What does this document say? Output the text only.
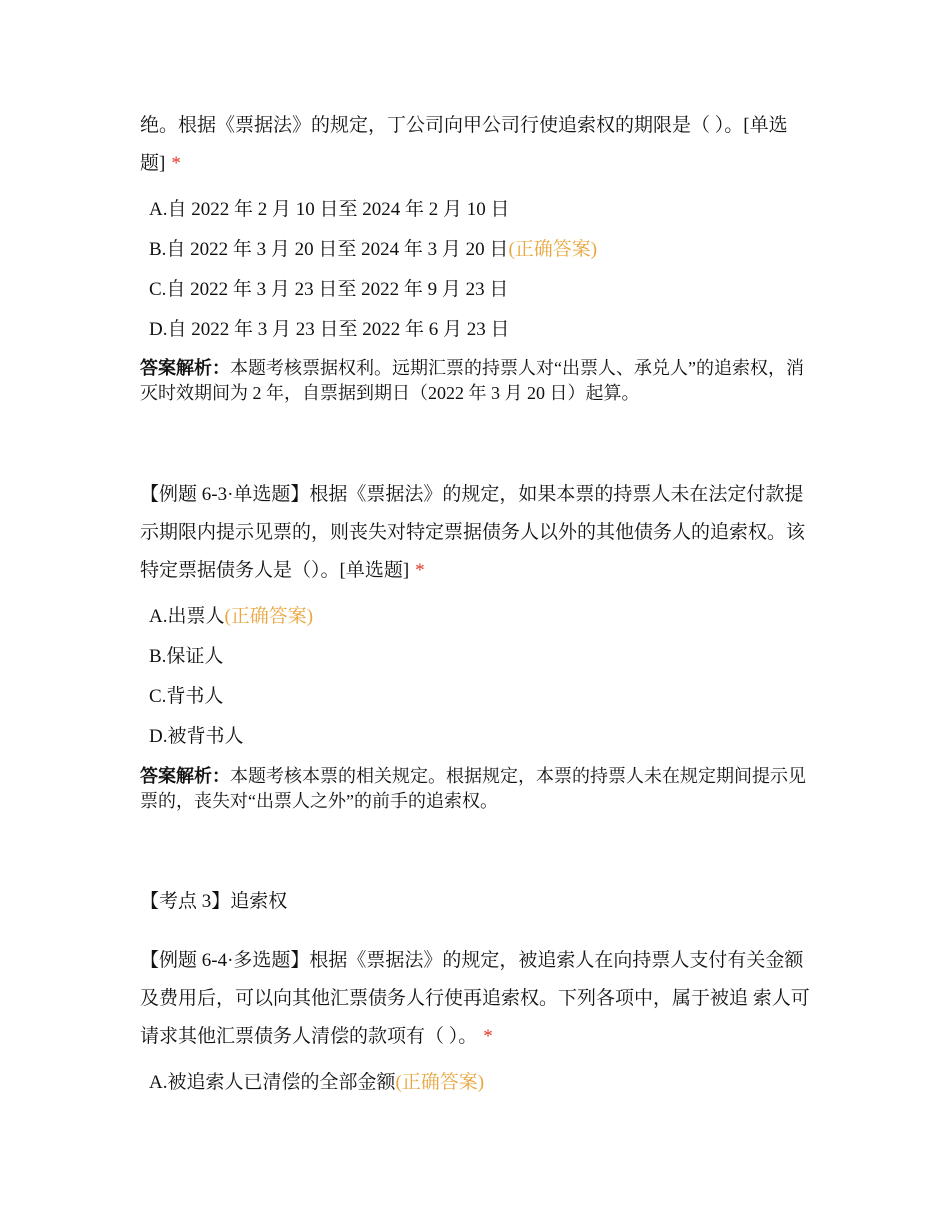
绝。根据《票据法》的规定，丁公司向甲公司行使追索权的期限是（ ）。[单选题] *
A.自 2022 年 2 月 10 日至 2024 年 2 月 10 日
B.自 2022 年 3 月 20 日至 2024 年 3 月 20 日(正确答案)
C.自 2022 年 3 月 23 日至 2022 年 9 月 23 日
D.自 2022 年 3 月 23 日至 2022 年 6 月 23 日
答案解析：本题考核票据权利。远期汇票的持票人对“出票人、承兑人”的追索权，消灭时效期间为 2 年，自票据到期日（2022 年 3 月 20 日）起算。
【例题 6-3·单选题】根据《票据法》的规定，如果本票的持票人未在法定付款提示期限内提示见票的，则丧失对特定票据债务人以外的其他债务人的追索权。该特定票据债务人是（）。[单选题] *
A.出票人(正确答案)
B.保证人
C.背书人
D.被背书人
答案解析：本题考核本票的相关规定。根据规定，本票的持票人未在规定期间提示见票的，丧失对“出票人之外”的前手的追索权。
【考点 3】追索权
【例题 6-4·多选题】根据《票据法》的规定，被追索人在向持票人支付有关金额及费用后，可以向其他汇票债务人行使再追索权。下列各项中，属于被追 索人可请求其他汇票债务人清偿的款项有（ ）。 *
A.被追索人已清偿的全部金额(正确答案)
